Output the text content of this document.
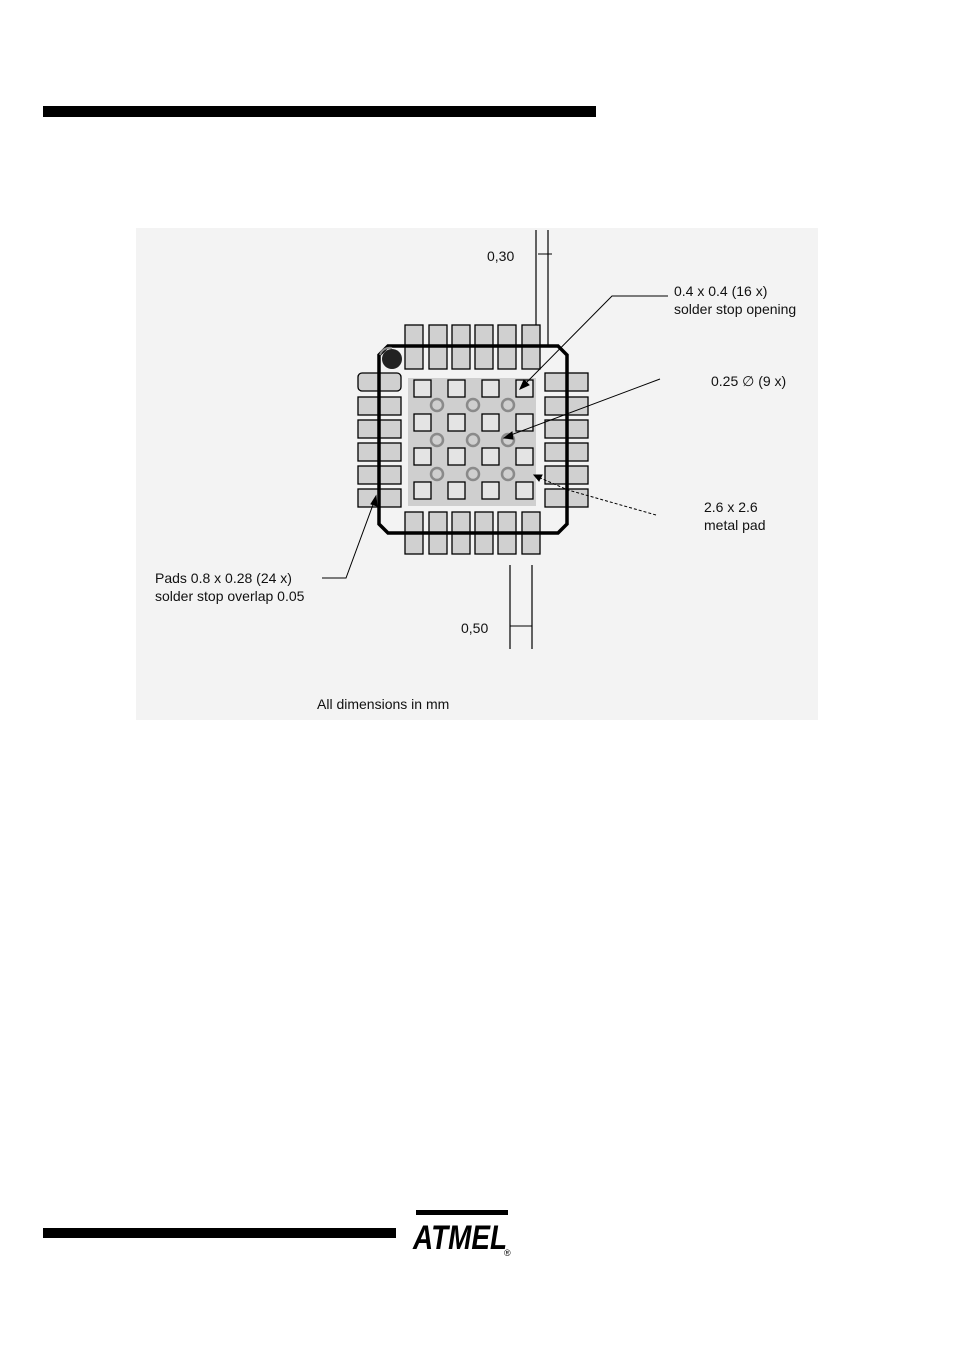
0,30
0,50
0.4 x 0.4 (16 x)
solder stop opening
0.25 ∅ (9 x)
2.6 x 2.6
metal pad
Pads 0.8 x 0.28 (24 x)
solder stop overlap 0.05
All dimensions in mm
ATMEL
®
